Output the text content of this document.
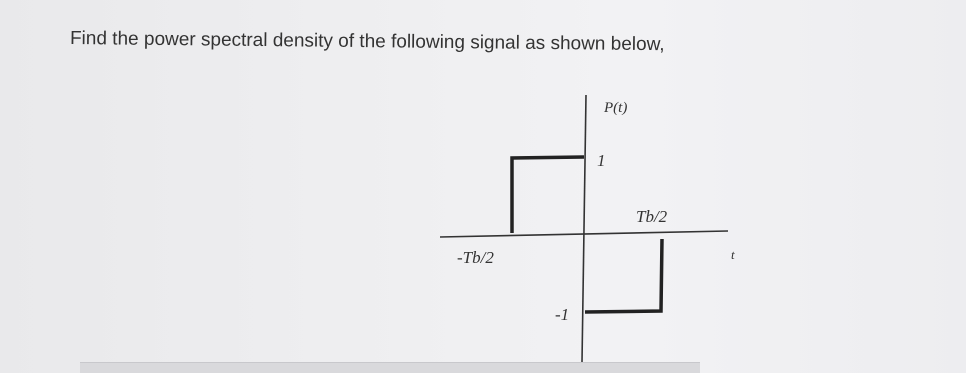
Find the power spectral density of the following signal as shown below,
P(t)
1
Tb/2
t
-Tb/2
-1
